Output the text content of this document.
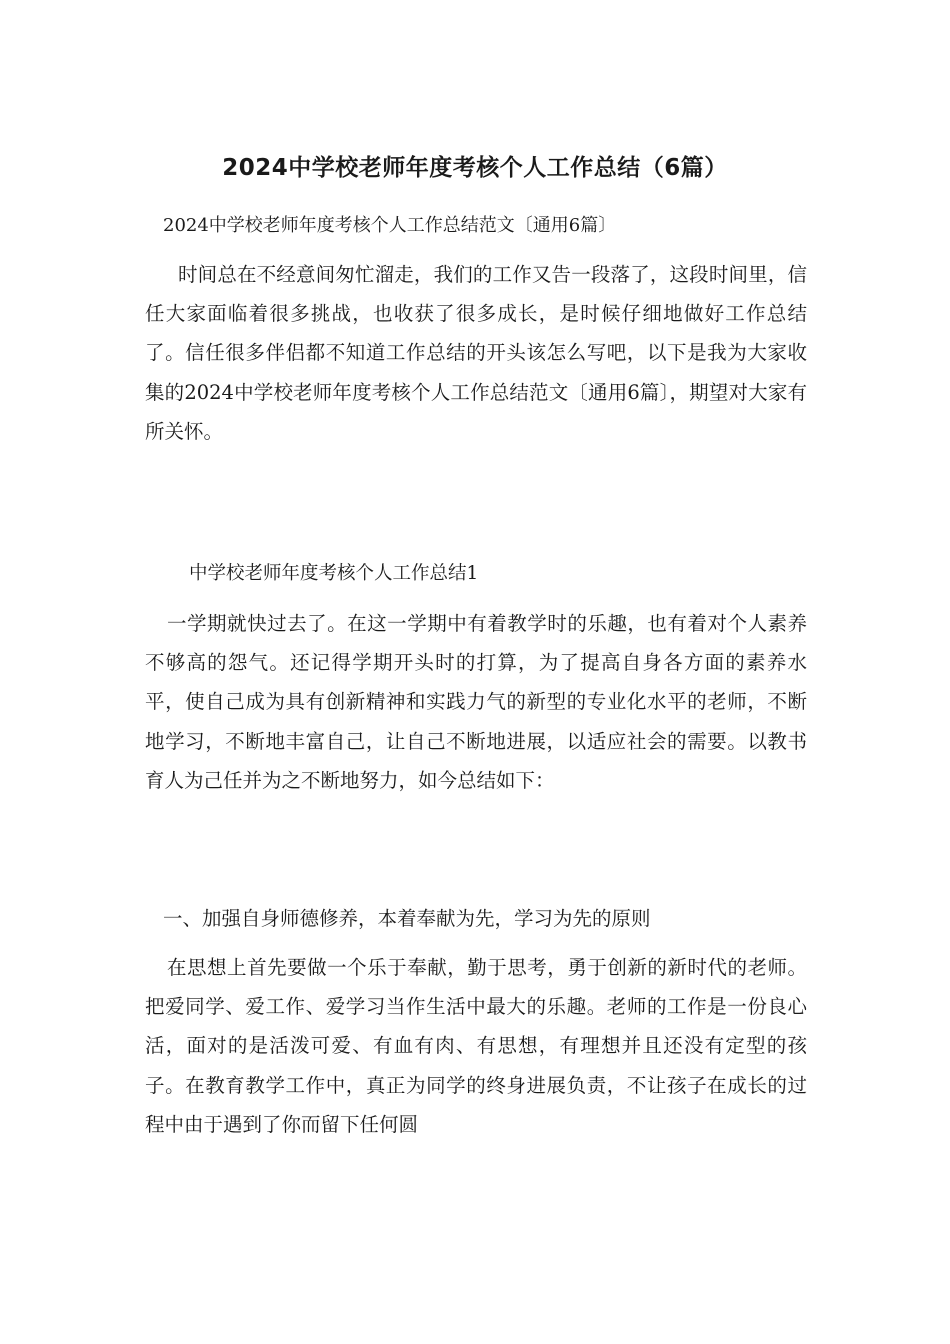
2024中学校老师年度考核个人工作总结（6篇）

2024中学校老师年度考核个人工作总结范文〔通用6篇〕

时间总在不经意间匆忙溜走，我们的工作又告一段落了，这段时间里，信任大家面临着很多挑战，也收获了很多成长，是时候仔细地做好工作总结了。信任很多伴侣都不知道工作总结的开头该怎么写吧，以下是我为大家收集的2024中学校老师年度考核个人工作总结范文〔通用6篇〕，期望对大家有所关怀。

中学校老师年度考核个人工作总结1

一学期就快过去了。在这一学期中有着教学时的乐趣，也有着对个人素养不够高的怨气。还记得学期开头时的打算，为了提高自身各方面的素养水平，使自己成为具有创新精神和实践力气的新型的专业化水平的老师，不断地学习，不断地丰富自己，让自己不断地进展，以适应社会的需要。以教书育人为己任并为之不断地努力，如今总结如下：

一、加强自身师德修养，本着奉献为先，学习为先的原则

在思想上首先要做一个乐于奉献，勤于思考，勇于创新的新时代的老师。把爱同学、爱工作、爱学习当作生活中最大的乐趣。老师的工作是一份良心活，面对的是活泼可爱、有血有肉、有思想，有理想并且还没有定型的孩子。在教育教学工作中，真正为同学的终身进展负责，不让孩子在成长的过程中由于遇到了你而留下任何圆
